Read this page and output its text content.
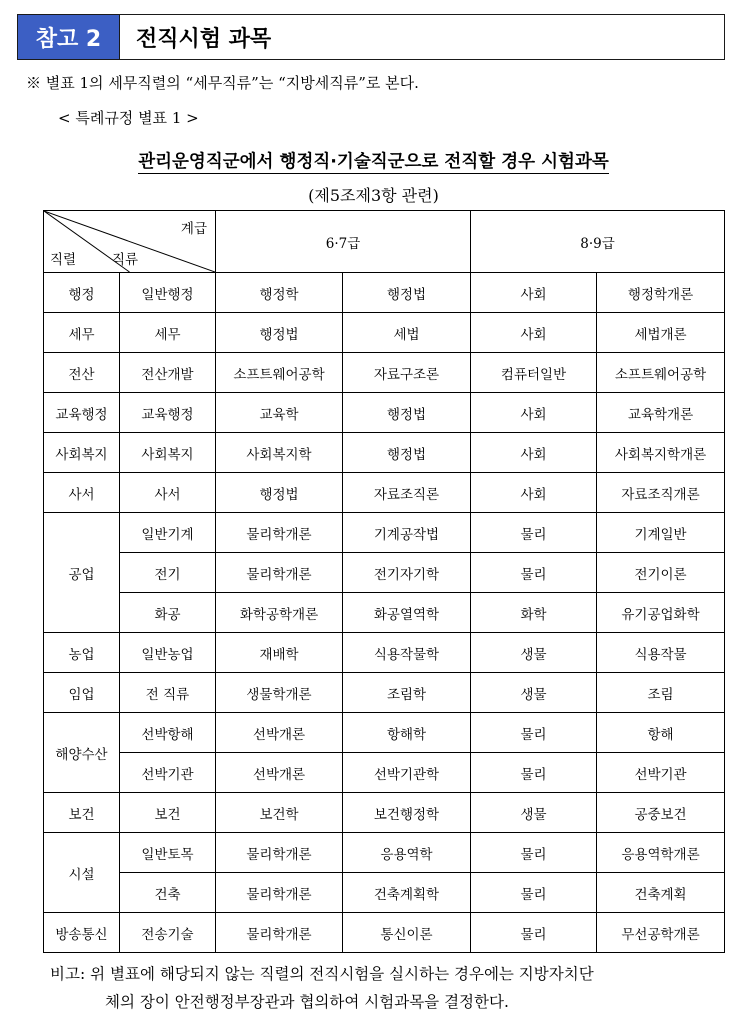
참고 2	전직시험 과목
※ 별표 1의 세무직렬의 “세무직류”는 “지방세직류”로 본다.
< 특례규정 별표 1 >
관리운영직군에서 행정직·기술직군으로 전직할 경우 시험과목
(제5조제3항 관련)
계급
직렬 직류		6·7급		8·9급	
행정	일반행정	행정학	행정법	사회	행정학개론
세무	세무	행정법	세법	사회	세법개론
전산	전산개발	소프트웨어공학	자료구조론	컴퓨터일반	소프트웨어공학
교육행정	교육행정	교육학	행정법	사회	교육학개론
사회복지	사회복지	사회복지학	행정법	사회	사회복지학개론
사서	사서	행정법	자료조직론	사회	자료조직개론
공업	일반기계	물리학개론	기계공작법	물리	기계일반
	전기	물리학개론	전기자기학	물리	전기이론
	화공	화학공학개론	화공열역학	화학	유기공업화학
농업	일반농업	재배학	식용작물학	생물	식용작물
임업	전 직류	생물학개론	조림학	생물	조림
해양수산	선박항해	선박개론	항해학	물리	항해
	선박기관	선박개론	선박기관학	물리	선박기관
보건	보건	보건학	보건행정학	생물	공중보건
시설	일반토목	물리학개론	응용역학	물리	응용역학개론
	건축	물리학개론	건축계획학	물리	건축계획
방송통신	전송기술	물리학개론	통신이론	물리	무선공학개론
비고: 위 별표에 해당되지 않는 직렬의 전직시험을 실시하는 경우에는 지방자치단
체의 장이 안전행정부장관과 협의하여 시험과목을 결정한다.
